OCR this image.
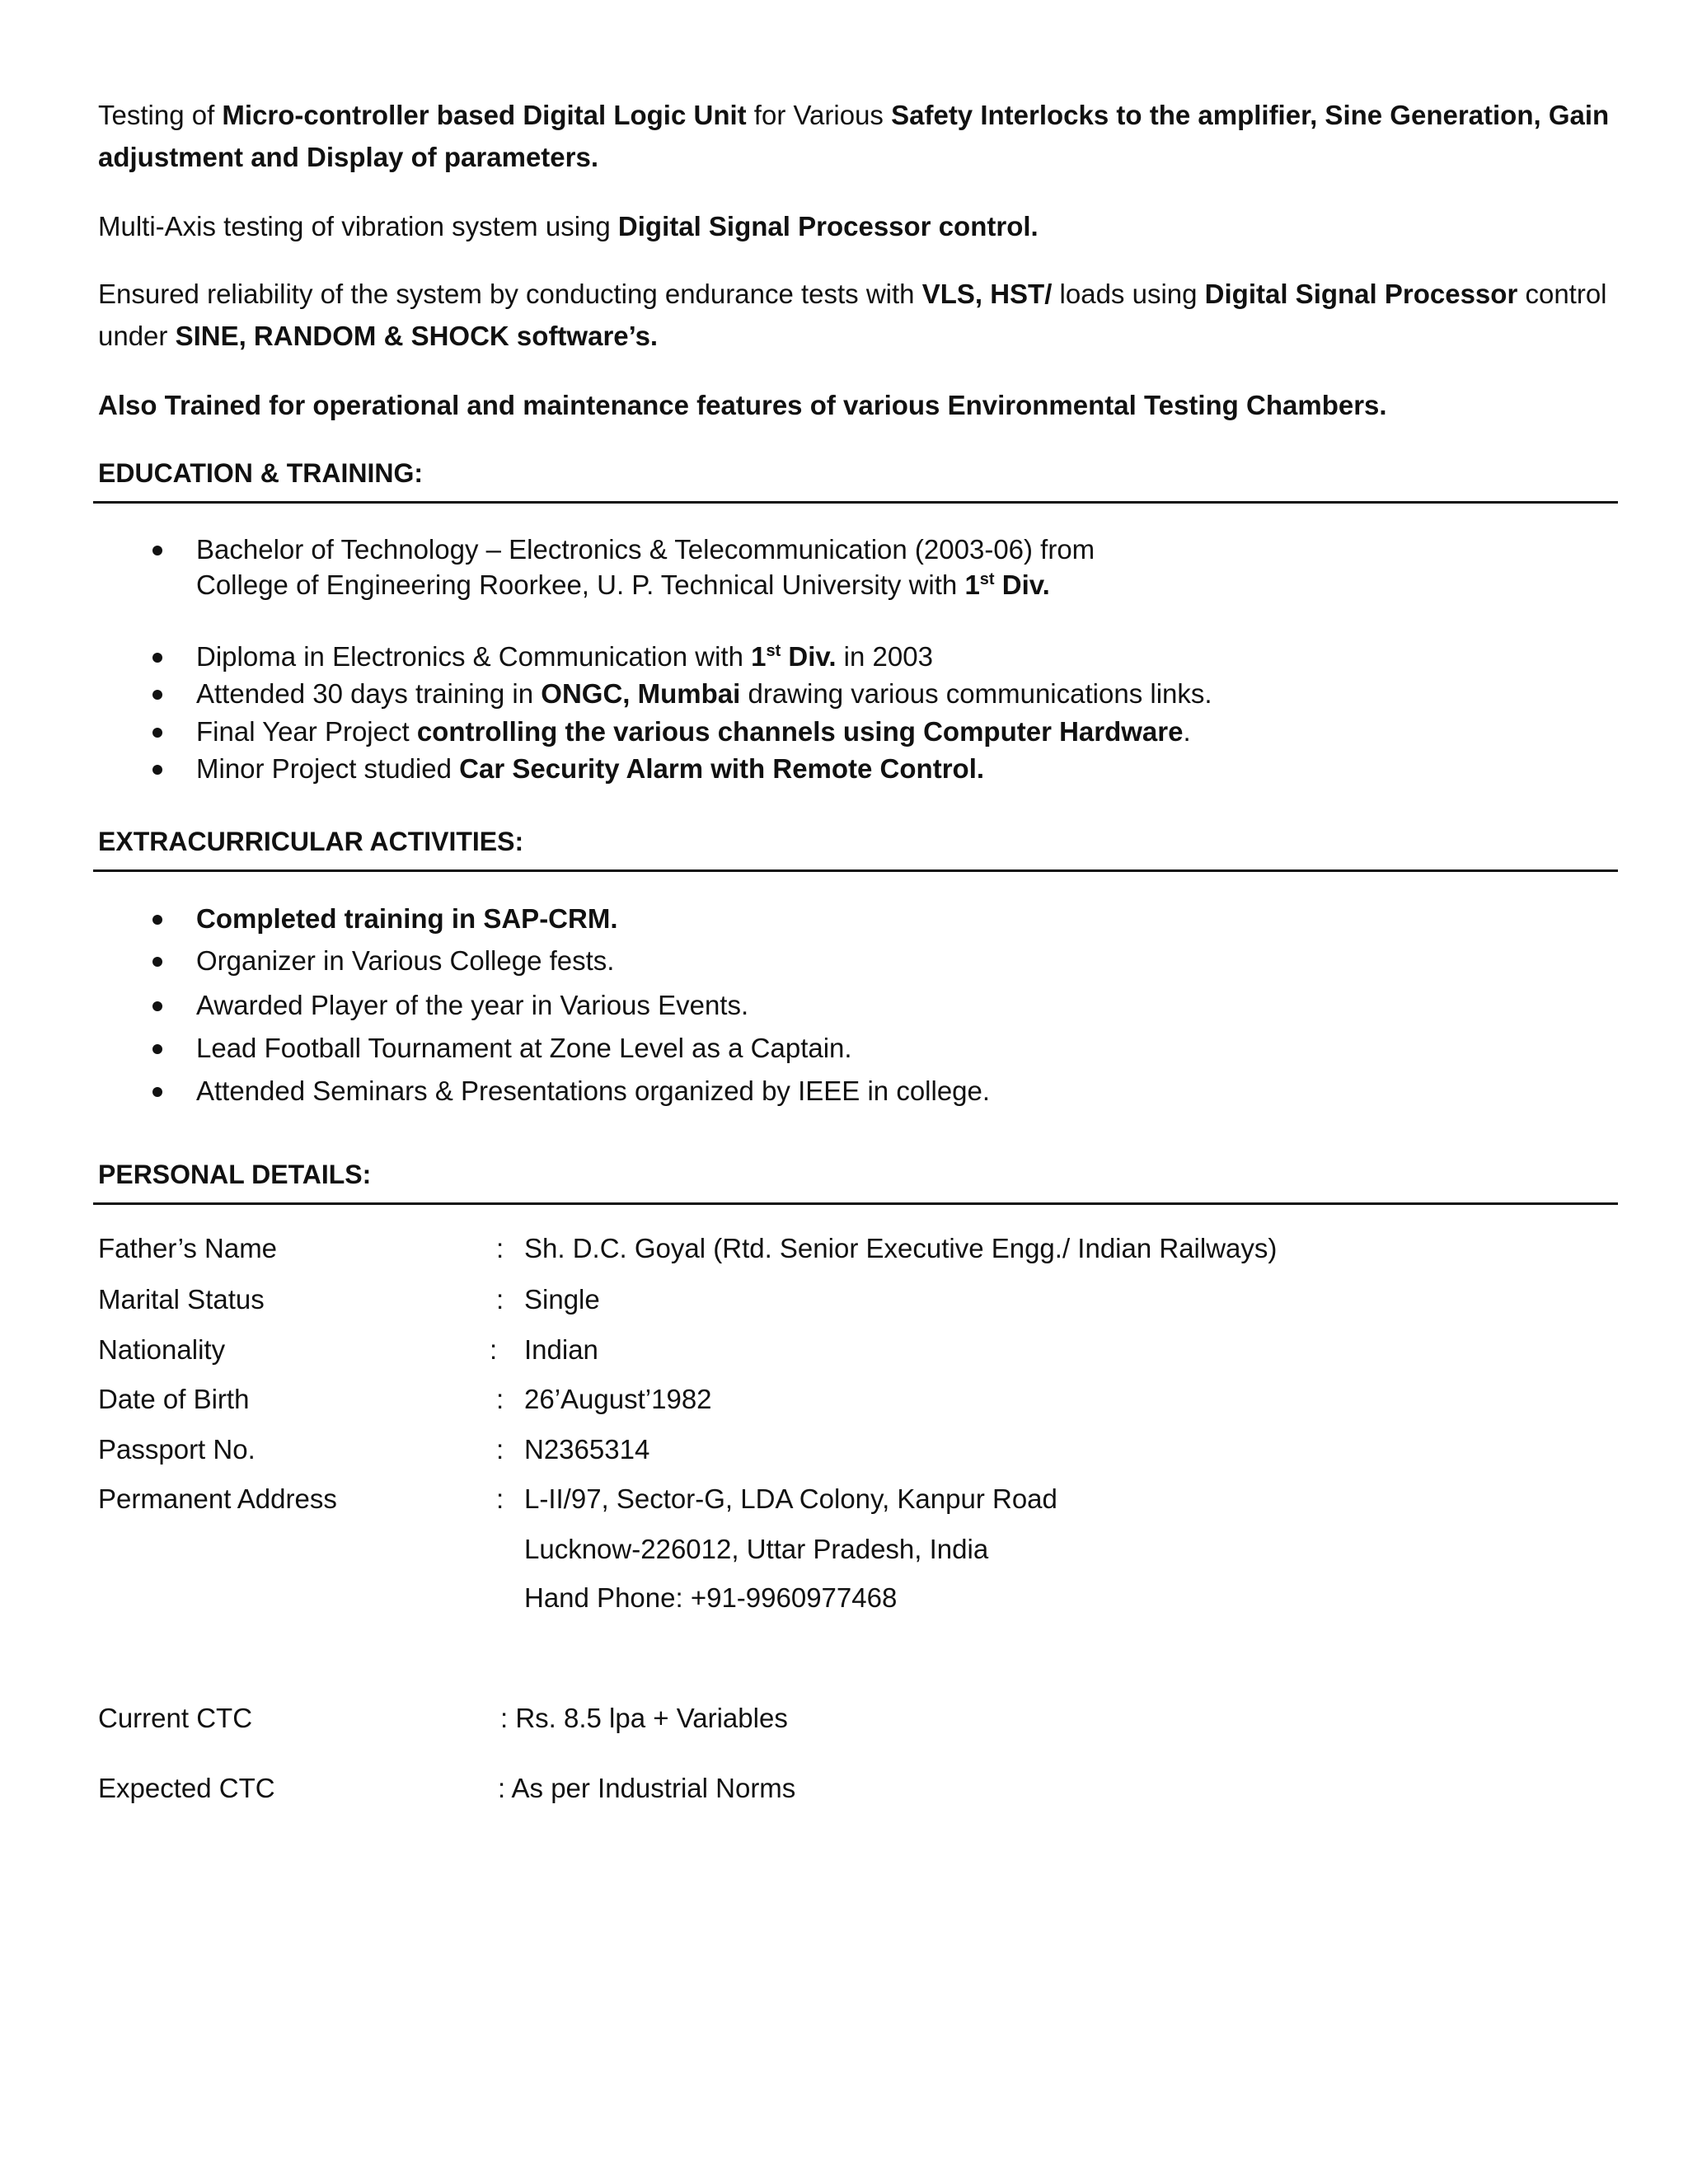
Testing of Micro-controller based Digital Logic Unit for Various Safety Interlocks to the amplifier, Sine Generation, Gain adjustment and Display of parameters.

Multi-Axis testing of vibration system using Digital Signal Processor control.

Ensured reliability of the system by conducting endurance tests with VLS, HST/ loads using Digital Signal Processor control under SINE, RANDOM & SHOCK software’s.

Also Trained for operational and maintenance features of various Environmental Testing Chambers.

EDUCATION & TRAINING:
Bachelor of Technology – Electronics & Telecommunication (2003-06) from
College of Engineering Roorkee, U. P. Technical University with 1st Div.
Diploma in Electronics & Communication with 1st Div. in 2003
Attended 30 days training in ONGC, Mumbai drawing various communications links.
Final Year Project controlling the various channels using Computer Hardware.
Minor Project studied Car Security Alarm with Remote Control.
EXTRACURRICULAR ACTIVITIES:
Completed training in SAP-CRM.
Organizer in Various College fests.
Awarded Player of the year in Various Events.
Lead Football Tournament at Zone Level as a Captain.
Attended Seminars & Presentations organized by IEEE in college.
PERSONAL DETAILS:
Father’s Name	: Sh. D.C. Goyal (Rtd. Senior Executive Engg./ Indian Railways)
Marital Status	: Single
Nationality	: Indian
Date of Birth	: 26’August’1982
Passport No.	: N2365314
Permanent Address	: L-II/97, Sector-G, LDA Colony, Kanpur Road
Lucknow-226012, Uttar Pradesh, India
Hand Phone: +91-9960977468
Current CTC	: Rs. 8.5 lpa + Variables
Expected CTC	: As per Industrial Norms
